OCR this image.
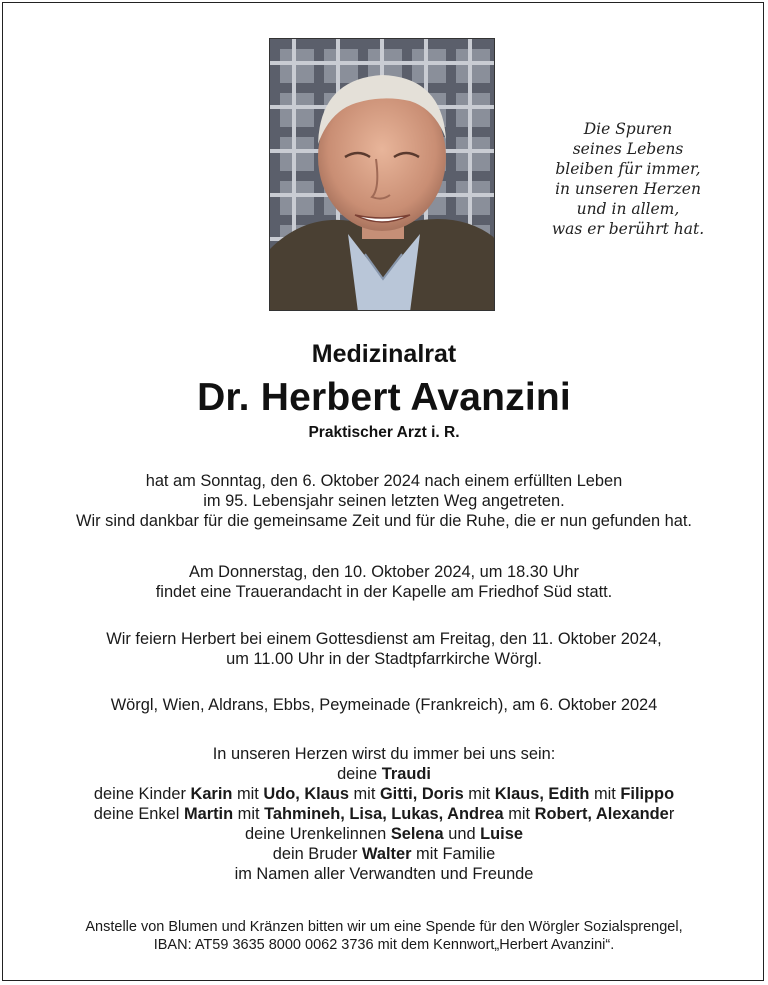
Die Spuren
seines Lebens
bleiben für immer,
in unseren Herzen
und in allem,
was er berührt hat.
Medizinalrat
Dr. Herbert Avanzini
Praktischer Arzt i. R.
hat am Sonntag, den 6. Oktober 2024 nach einem erfüllten Leben
im 95. Lebensjahr seinen letzten Weg angetreten.
Wir sind dankbar für die gemeinsame Zeit und für die Ruhe, die er nun gefunden hat.
Am Donnerstag, den 10. Oktober 2024, um 18.30 Uhr
findet eine Trauerandacht in der Kapelle am Friedhof Süd statt.
Wir feiern Herbert bei einem Gottesdienst am Freitag, den 11. Oktober 2024,
um 11.00 Uhr in der Stadtpfarrkirche Wörgl.
Wörgl, Wien, Aldrans, Ebbs, Peymeinade (Frankreich), am 6. Oktober 2024
In unseren Herzen wirst du immer bei uns sein:
deine Traudi
deine Kinder Karin mit Udo, Klaus mit Gitti, Doris mit Klaus, Edith mit Filippo
deine Enkel Martin mit Tahmineh, Lisa, Lukas, Andrea mit Robert, Alexander
deine Urenkelinnen Selena und Luise
dein Bruder Walter mit Familie
im Namen aller Verwandten und Freunde
Anstelle von Blumen und Kränzen bitten wir um eine Spende für den Wörgler Sozialsprengel,
IBAN: AT59 3635 8000 0062 3736 mit dem Kennwort„Herbert Avanzini“.
